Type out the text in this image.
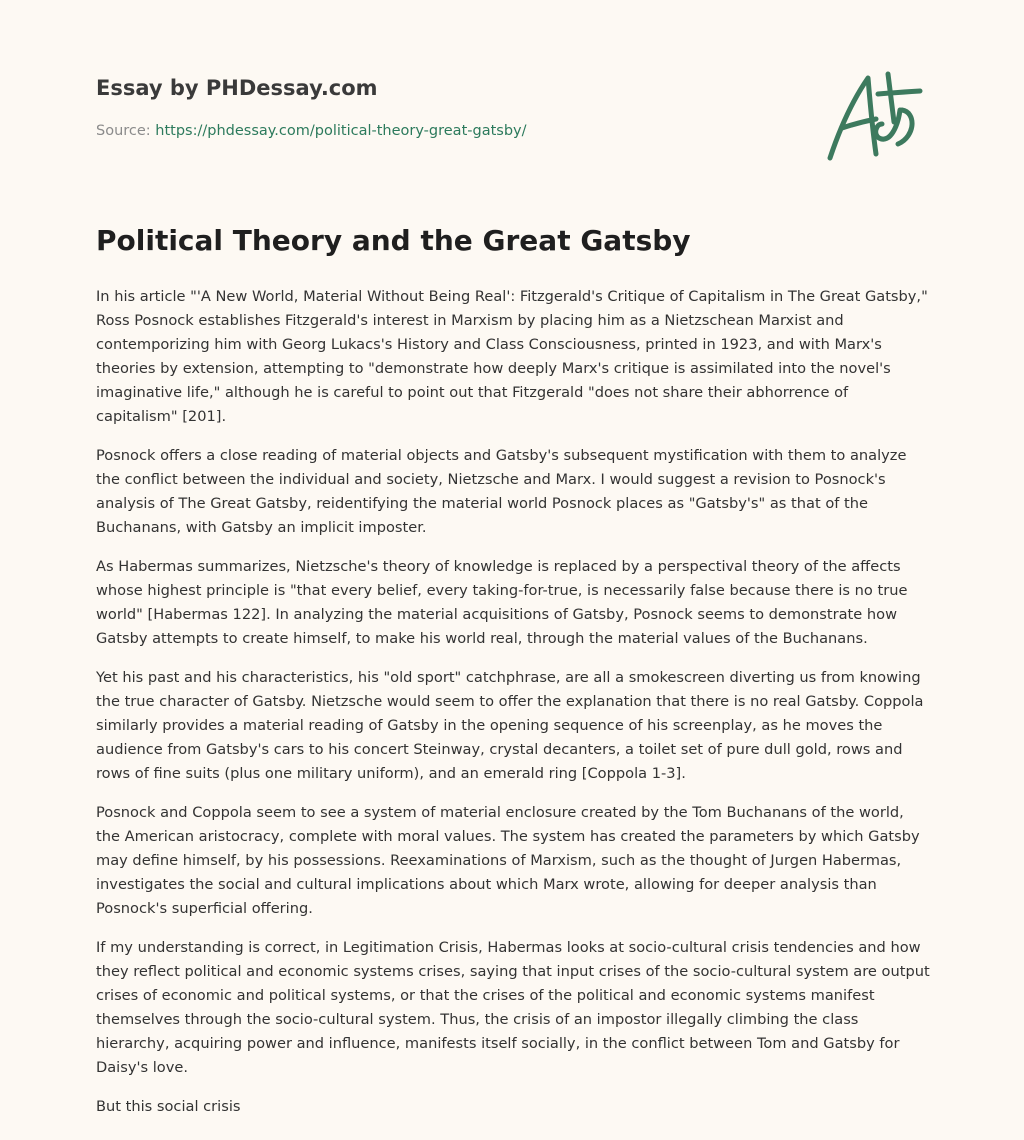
Essay by PHDessay.com
Source: https://phdessay.com/political-theory-great-gatsby/
Political Theory and the Great Gatsby

In his article "'A New World, Material Without Being Real': Fitzgerald's Critique of Capitalism in The Great Gatsby," Ross Posnock establishes Fitzgerald's interest in Marxism by placing him as a Nietzschean Marxist and contemporizing him with Georg Lukacs's History and Class Consciousness, printed in 1923, and with Marx's theories by extension, attempting to "demonstrate how deeply Marx's critique is assimilated into the novel's imaginative life," although he is careful to point out that Fitzgerald "does not share their abhorrence of capitalism" [201].

Posnock offers a close reading of material objects and Gatsby's subsequent mystification with them to analyze the conflict between the individual and society, Nietzsche and Marx. I would suggest a revision to Posnock's analysis of The Great Gatsby, reidentifying the material world Posnock places as "Gatsby's" as that of the Buchanans, with Gatsby an implicit imposter.

As Habermas summarizes, Nietzsche's theory of knowledge is replaced by a perspectival theory of the affects whose highest principle is "that every belief, every taking-for-true, is necessarily false because there is no true world" [Habermas 122]. In analyzing the material acquisitions of Gatsby, Posnock seems to demonstrate how Gatsby attempts to create himself, to make his world real, through the material values of the Buchanans.

Yet his past and his characteristics, his "old sport" catchphrase, are all a smokescreen diverting us from knowing the true character of Gatsby. Nietzsche would seem to offer the explanation that there is no real Gatsby. Coppola similarly provides a material reading of Gatsby in the opening sequence of his screenplay, as he moves the audience from Gatsby's cars to his concert Steinway, crystal decanters, a toilet set of pure dull gold, rows and rows of fine suits (plus one military uniform), and an emerald ring [Coppola 1-3].

Posnock and Coppola seem to see a system of material enclosure created by the Tom Buchanans of the world, the American aristocracy, complete with moral values. The system has created the parameters by which Gatsby may define himself, by his possessions. Reexaminations of Marxism, such as the thought of Jurgen Habermas, investigates the social and cultural implications about which Marx wrote, allowing for deeper analysis than Posnock's superficial offering.

If my understanding is correct, in Legitimation Crisis, Habermas looks at socio-cultural crisis tendencies and how they reflect political and economic systems crises, saying that input crises of the socio-cultural system are output crises of economic and political systems, or that the crises of the political and economic systems manifest themselves through the socio-cultural system. Thus, the crisis of an impostor illegally climbing the class hierarchy, acquiring power and influence, manifests itself socially, in the conflict between Tom and Gatsby for Daisy's love.

But this social crisis
